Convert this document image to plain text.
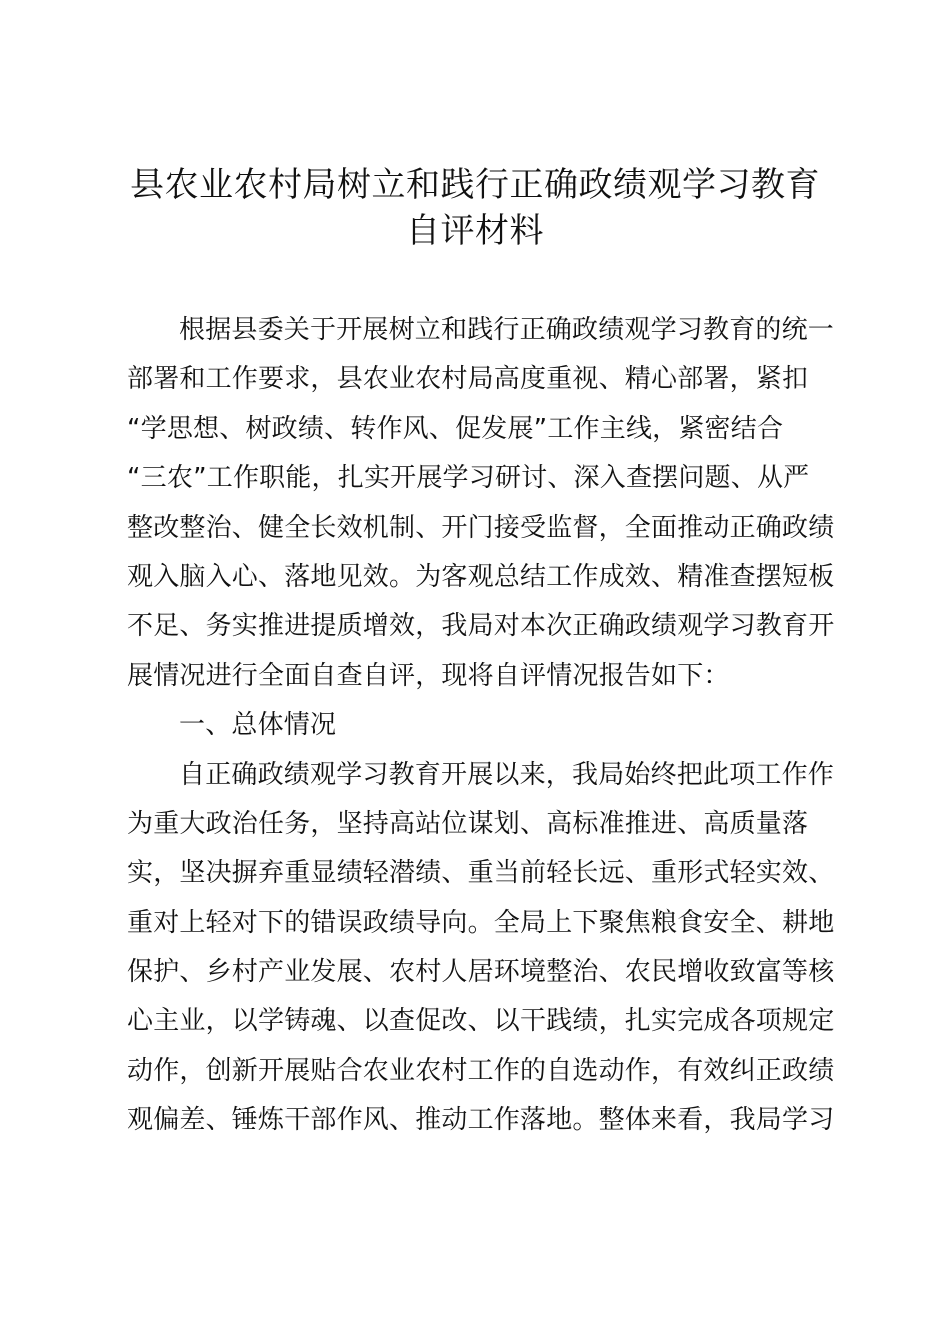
县农业农村局树立和践行正确政绩观学习教育
自评材料
根据县委关于开展树立和践行正确政绩观学习教育的统一
部署和工作要求，县农业农村局高度重视、精心部署，紧扣
“学思想、树政绩、转作风、促发展”工作主线，紧密结合
“三农”工作职能，扎实开展学习研讨、深入查摆问题、从严
整改整治、健全长效机制、开门接受监督，全面推动正确政绩
观入脑入心、落地见效。为客观总结工作成效、精准查摆短板
不足、务实推进提质增效，我局对本次正确政绩观学习教育开
展情况进行全面自查自评，现将自评情况报告如下：
一、总体情况
自正确政绩观学习教育开展以来，我局始终把此项工作作
为重大政治任务，坚持高站位谋划、高标准推进、高质量落
实，坚决摒弃重显绩轻潜绩、重当前轻长远、重形式轻实效、
重对上轻对下的错误政绩导向。全局上下聚焦粮食安全、耕地
保护、乡村产业发展、农村人居环境整治、农民增收致富等核
心主业，以学铸魂、以查促改、以干践绩，扎实完成各项规定
动作，创新开展贴合农业农村工作的自选动作，有效纠正政绩
观偏差、锤炼干部作风、推动工作落地。整体来看，我局学习
